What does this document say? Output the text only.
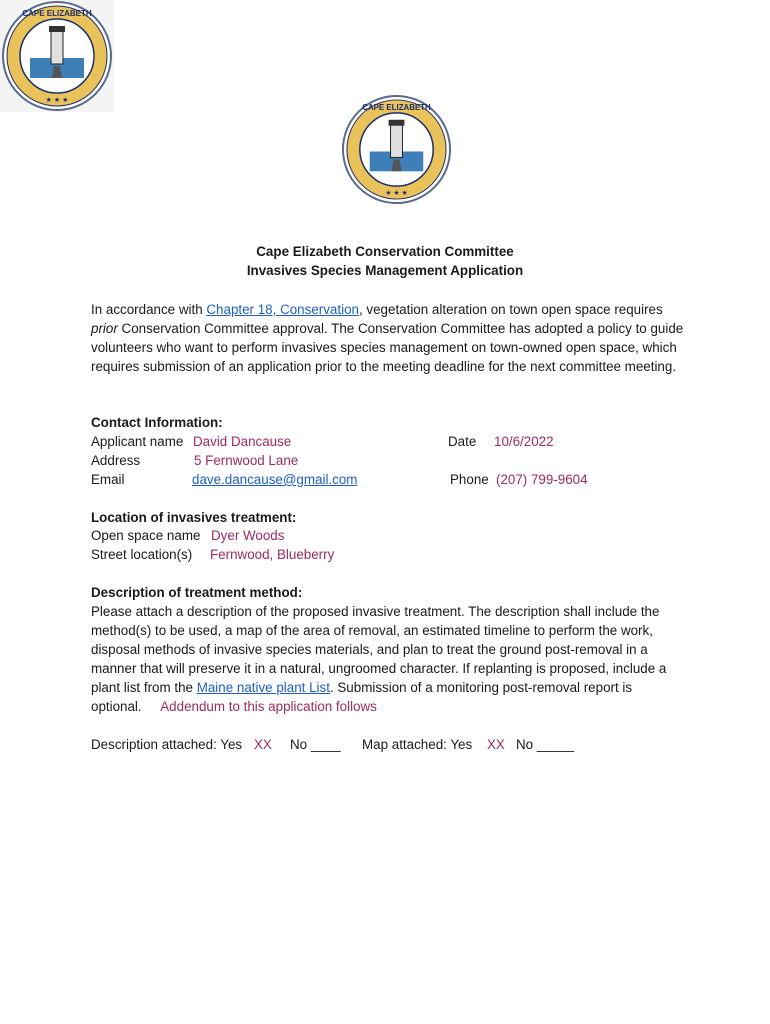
CAPE ELIZABETH
★ ★ ★
CAPE ELIZABETH
★ ★ ★
Cape Elizabeth Conservation Committee
Invasives Species Management Application
In accordance with Chapter 18, Conservation, vegetation alteration on town open space requires prior Conservation Committee approval. The Conservation Committee has adopted a policy to guide volunteers who want to perform invasives species management on town-owned open space, which requires submission of an application prior to the meeting deadline for the next committee meeting.
Contact Information:
Applicant name David Dancause	Date 10/6/2022
Address	5 Fernwood Lane
Email	dave.dancause@gmail.com	Phone (207) 799-9604
Location of invasives treatment:
Open space name Dyer Woods
Street location(s) Fernwood, Blueberry
Description of treatment method:
Please attach a description of the proposed invasive treatment. The description shall include the method(s) to be used, a map of the area of removal, an estimated timeline to perform the work, disposal methods of invasive species materials, and plan to treat the ground post-removal in a manner that will preserve it in a natural, ungroomed character. If replanting is proposed, include a plant list from the Maine native plant List. Submission of a monitoring post-removal report is optional. Addendum to this application follows
Description attached: Yes XX No ____ Map attached: Yes XX No _____
